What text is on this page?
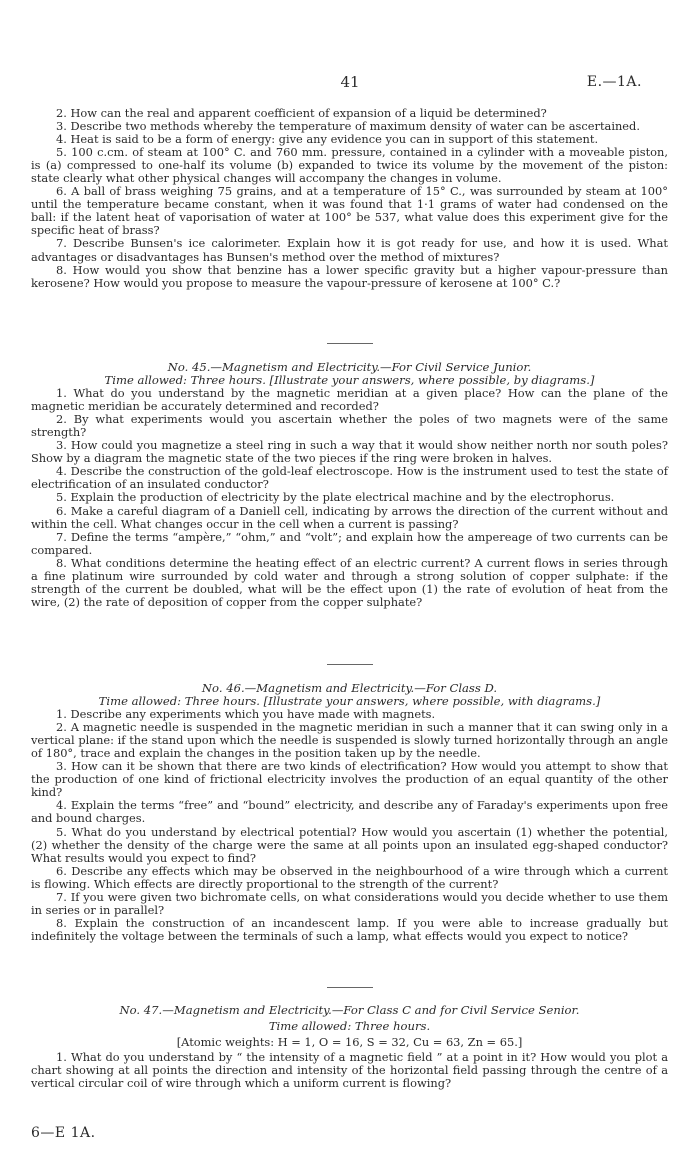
41	E.—1A.

2. How can the real and apparent coefficient of expansion of a liquid be determined?

3. Describe two methods whereby the temperature of maximum density of water can be ascertained.

4. Heat is said to be a form of energy: give any evidence you can in support of this statement.

5. 100 c.cm. of steam at 100° C. and 760 mm. pressure, contained in a cylinder with a moveable piston, is (a) compressed to one-half its volume (b) expanded to twice its volume by the movement of the piston: state clearly what other physical changes will accompany the changes in volume.

6. A ball of brass weighing 75 grains, and at a temperature of 15° C., was surrounded by steam at 100° until the temperature became constant, when it was found that 1·1 grams of water had condensed on the ball: if the latent heat of vaporisation of water at 100° be 537, what value does this experiment give for the specific heat of brass?

7. Describe Bunsen's ice calorimeter. Explain how it is got ready for use, and how it is used. What advantages or disadvantages has Bunsen's method over the method of mixtures?

8. How would you show that benzine has a lower specific gravity but a higher vapour-pressure than kerosene? How would you propose to measure the vapour-pressure of kerosene at 100° C.?

No. 45.—Magnetism and Electricity.—For Civil Service Junior.

Time allowed: Three hours. [Illustrate your answers, where possible, by diagrams.]

1. What do you understand by the magnetic meridian at a given place? How can the plane of the magnetic meridian be accurately determined and recorded?

2. By what experiments would you ascertain whether the poles of two magnets were of the same strength?

3. How could you magnetize a steel ring in such a way that it would show neither north nor south poles? Show by a diagram the magnetic state of the two pieces if the ring were broken in halves.

4. Describe the construction of the gold-leaf electroscope. How is the instrument used to test the state of electrification of an insulated conductor?

5. Explain the production of electricity by the plate electrical machine and by the electrophorus.

6. Make a careful diagram of a Daniell cell, indicating by arrows the direction of the current without and within the cell. What changes occur in the cell when a current is passing?

7. Define the terms “ampère,” “ohm,” and “volt”; and explain how the ampereage of two currents can be compared.

8. What conditions determine the heating effect of an electric current? A current flows in series through a fine platinum wire surrounded by cold water and through a strong solution of copper sulphate: if the strength of the current be doubled, what will be the effect upon (1) the rate of evolution of heat from the wire, (2) the rate of deposition of copper from the copper sulphate?

No. 46.—Magnetism and Electricity.—For Class D.

Time allowed: Three hours. [Illustrate your answers, where possible, with diagrams.]

1. Describe any experiments which you have made with magnets.

2. A magnetic needle is suspended in the magnetic meridian in such a manner that it can swing only in a vertical plane: if the stand upon which the needle is suspended is slowly turned horizontally through an angle of 180°, trace and explain the changes in the position taken up by the needle.

3. How can it be shown that there are two kinds of electrification? How would you attempt to show that the production of one kind of frictional electricity involves the production of an equal quantity of the other kind?

4. Explain the terms “free” and “bound” electricity, and describe any of Faraday's experiments upon free and bound charges.

5. What do you understand by electrical potential? How would you ascertain (1) whether the potential, (2) whether the density of the charge were the same at all points upon an insulated egg-shaped conductor? What results would you expect to find?

6. Describe any effects which may be observed in the neighbourhood of a wire through which a current is flowing. Which effects are directly proportional to the strength of the current?

7. If you were given two bichromate cells, on what considerations would you decide whether to use them in series or in parallel?

8. Explain the construction of an incandescent lamp. If you were able to increase gradually but indefinitely the voltage between the terminals of such a lamp, what effects would you expect to notice?

No. 47.—Magnetism and Electricity.—For Class C and for Civil Service Senior.

Time allowed: Three hours.

[Atomic weights: H = 1, O = 16, S = 32, Cu = 63, Zn = 65.]

1. What do you understand by “ the intensity of a magnetic field ” at a point in it? How would you plot a chart showing at all points the direction and intensity of the horizontal field passing through the centre of a vertical circular coil of wire through which a uniform current is flowing?

6—E 1A.
